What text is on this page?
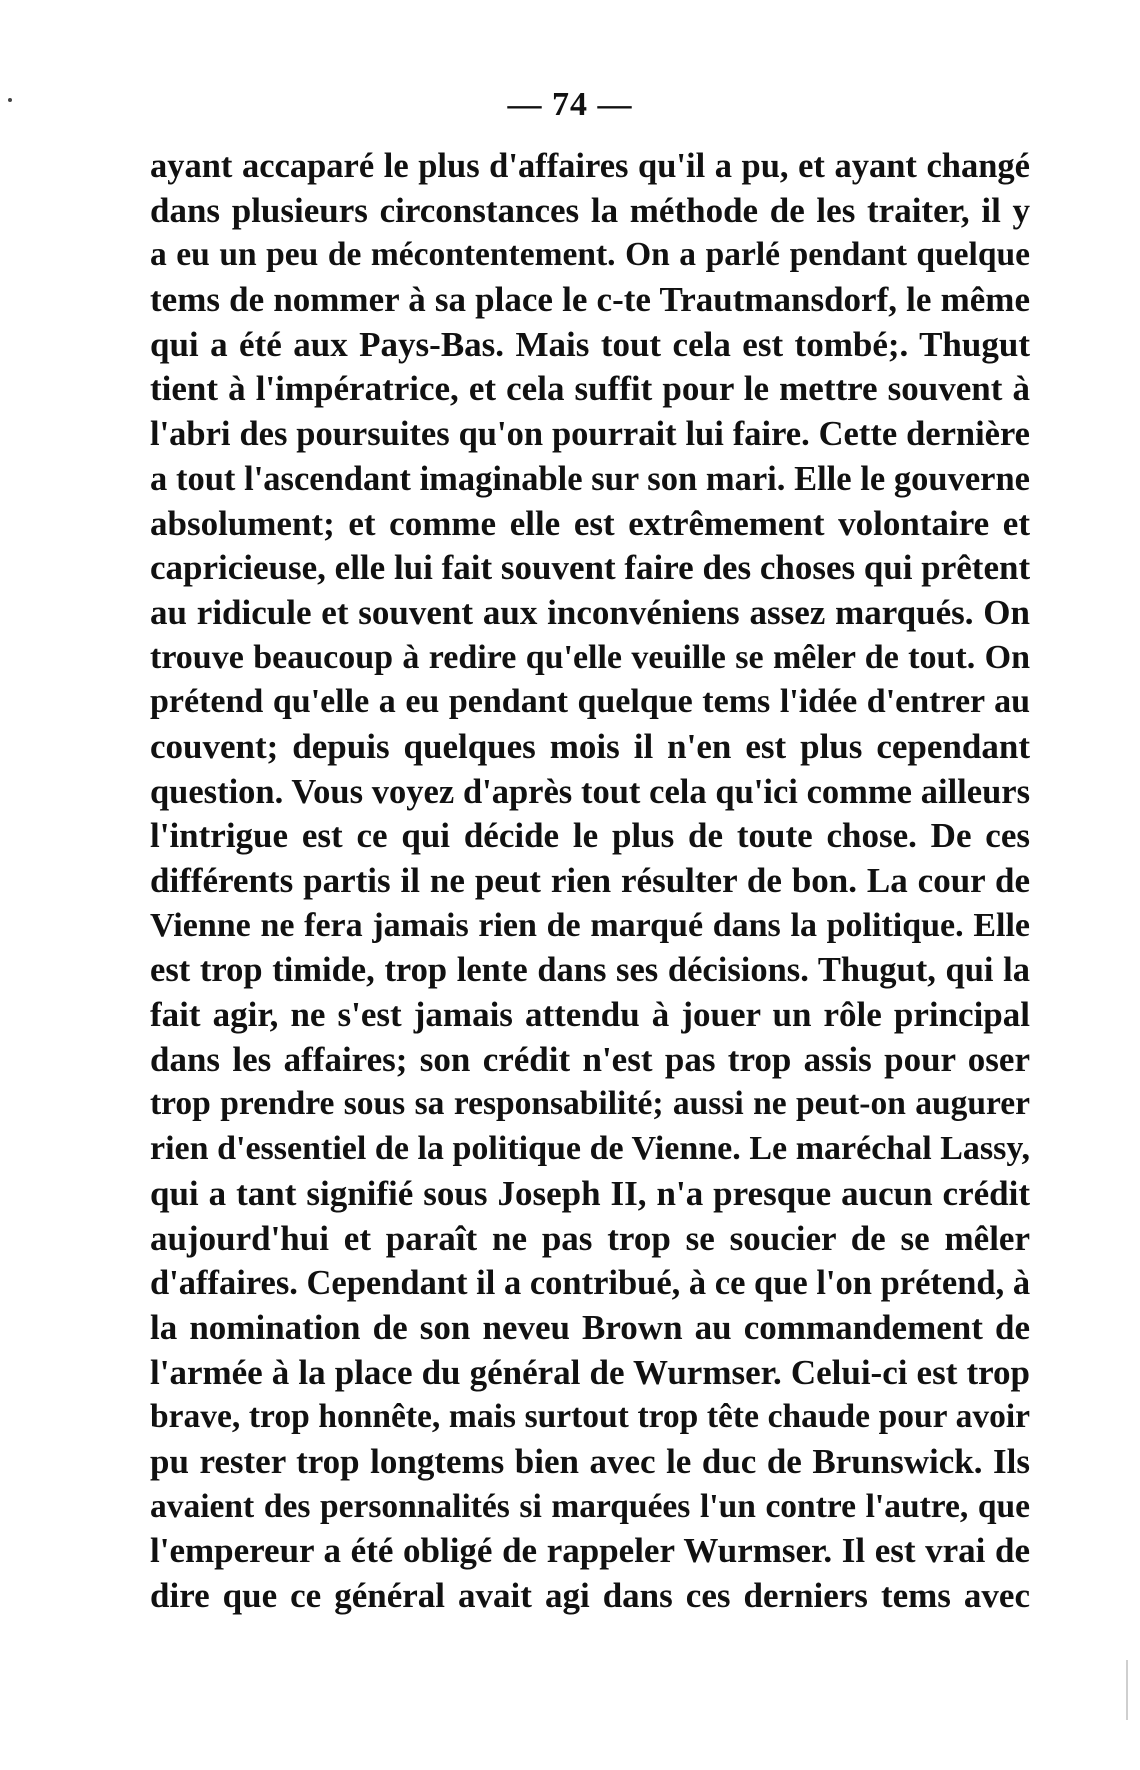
— 74 —
ayant accaparé le plus d'affaires qu'il a pu, et ayant changé
dans plusieurs circonstances la méthode de les traiter, il y
a eu un peu de mécontentement. On a parlé pendant quelque
tems de nommer à sa place le c-te Trautmansdorf, le même
qui a été aux Pays-Bas. Mais tout cela est tombé;. Thugut
tient à l'impératrice, et cela suffit pour le mettre souvent à
l'abri des poursuites qu'on pourrait lui faire. Cette dernière
a tout l'ascendant imaginable sur son mari. Elle le gouverne
absolument; et comme elle est extrêmement volontaire et
capricieuse, elle lui fait souvent faire des choses qui prêtent
au ridicule et souvent aux inconvéniens assez marqués. On
trouve beaucoup à redire qu'elle veuille se mêler de tout. On
prétend qu'elle a eu pendant quelque tems l'idée d'entrer au
couvent; depuis quelques mois il n'en est plus cependant
question. Vous voyez d'après tout cela qu'ici comme ailleurs
l'intrigue est ce qui décide le plus de toute chose. De ces
différents partis il ne peut rien résulter de bon. La cour de
Vienne ne fera jamais rien de marqué dans la politique. Elle
est trop timide, trop lente dans ses décisions. Thugut, qui la
fait agir, ne s'est jamais attendu à jouer un rôle principal
dans les affaires; son crédit n'est pas trop assis pour oser
trop prendre sous sa responsabilité; aussi ne peut-on augurer
rien d'essentiel de la politique de Vienne. Le maréchal Lassy,
qui a tant signifié sous Joseph II, n'a presque aucun crédit
aujourd'hui et paraît ne pas trop se soucier de se mêler
d'affaires. Cependant il a contribué, à ce que l'on prétend, à
la nomination de son neveu Brown au commandement de
l'armée à la place du général de Wurmser. Celui-ci est trop
brave, trop honnête, mais surtout trop tête chaude pour avoir
pu rester trop longtems bien avec le duc de Brunswick. Ils
avaient des personnalités si marquées l'un contre l'autre, que
l'empereur a été obligé de rappeler Wurmser. Il est vrai de
dire que ce général avait agi dans ces derniers tems avec
